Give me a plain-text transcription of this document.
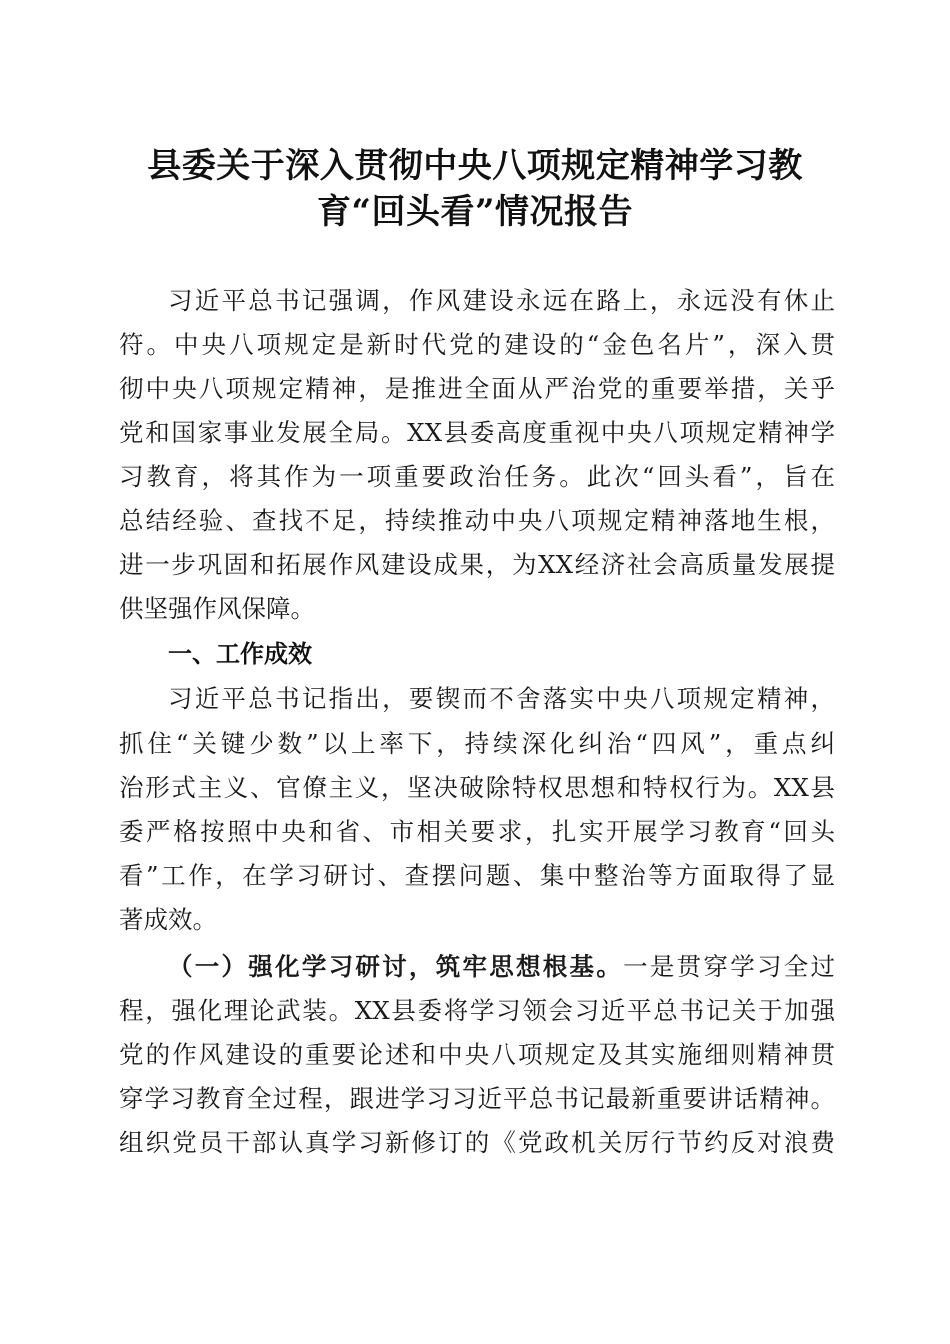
县委关于深入贯彻中央八项规定精神学习教
育“回头看”情况报告
习近平总书记强调，作风建设永远在路上，永远没有休止
符。中央八项规定是新时代党的建设的“金色名片”，深入贯
彻中央八项规定精神，是推进全面从严治党的重要举措，关乎
党和国家事业发展全局。XX县委高度重视中央八项规定精神学
习教育，将其作为一项重要政治任务。此次“回头看”，旨在
总结经验、查找不足，持续推动中央八项规定精神落地生根，
进一步巩固和拓展作风建设成果，为XX经济社会高质量发展提
供坚强作风保障。
一、工作成效
习近平总书记指出，要锲而不舍落实中央八项规定精神，
抓住“关键少数”以上率下，持续深化纠治“四风”，重点纠
治形式主义、官僚主义，坚决破除特权思想和特权行为。XX县
委严格按照中央和省、市相关要求，扎实开展学习教育“回头
看”工作，在学习研讨、查摆问题、集中整治等方面取得了显
著成效。
（一）强化学习研讨，筑牢思想根基。一是贯穿学习全过
程，强化理论武装。XX县委将学习领会习近平总书记关于加强
党的作风建设的重要论述和中央八项规定及其实施细则精神贯
穿学习教育全过程，跟进学习习近平总书记最新重要讲话精神。
组织党员干部认真学习新修订的《党政机关厉行节约反对浪费
